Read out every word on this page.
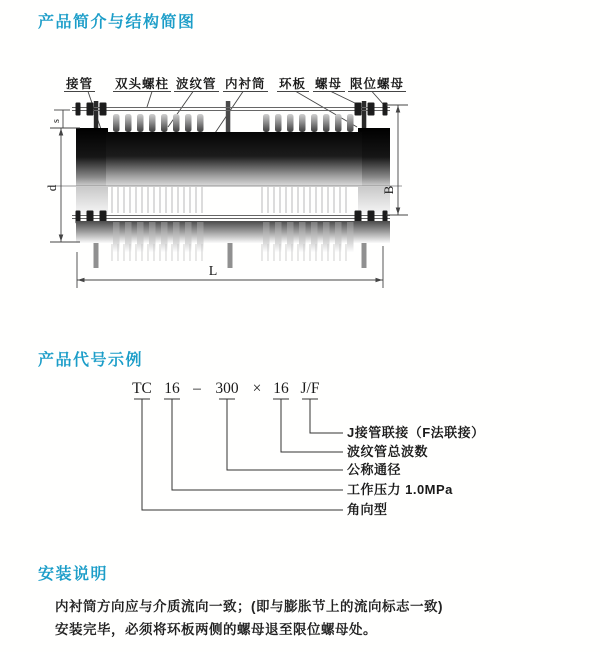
产品简介与结构简图
接管 双头螺柱 波纹管 内衬筒 环板 螺母 限位螺母
s
d	B
L
产品代号示例
TC 16 – 300 × 16 J/F
J接管联接（F法联接）
波纹管总波数
公称通径
工作压力 1.0MPa
角向型
安装说明

内衬筒方向应与介质流向一致；(即与膨胀节上的流向标志一致)

安装完毕，必须将环板两侧的螺母退至限位螺母处。
